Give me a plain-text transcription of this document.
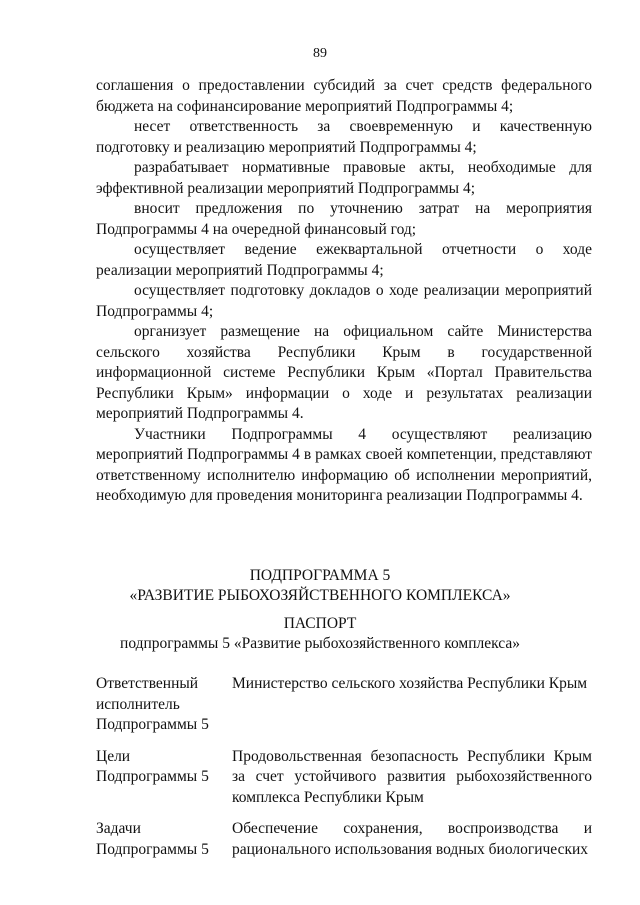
89

соглашения о предоставлении субсидий за счет средств федерального бюджета на софинансирование мероприятий Подпрограммы 4;

несет ответственность за своевременную и качественную подготовку и реализацию мероприятий Подпрограммы 4;

разрабатывает нормативные правовые акты, необходимые для эффективной реализации мероприятий Подпрограммы 4;

вносит предложения по уточнению затрат на мероприятия Подпрограммы 4 на очередной финансовый год;

осуществляет ведение ежеквартальной отчетности о ходе реализации мероприятий Подпрограммы 4;

осуществляет подготовку докладов о ходе реализации мероприятий Подпрограммы 4;

организует размещение на официальном сайте Министерства сельского хозяйства Республики Крым в государственной информационной системе Республики Крым «Портал Правительства Республики Крым» информации о ходе и результатах реализации мероприятий Подпрограммы 4.

Участники Подпрограммы 4 осуществляют реализацию мероприятий Подпрограммы 4 в рамках своей компетенции, представляют ответственному исполнителю информацию об исполнении мероприятий, необходимую для проведения мониторинга реализации Подпрограммы 4.

ПОДПРОГРАММА 5
«РАЗВИТИЕ РЫБОХОЗЯЙСТВЕННОГО КОМПЛЕКСА»
ПАСПОРТ
подпрограммы 5 «Развитие рыбохозяйственного комплекса»
Ответственный исполнитель Подпрограммы 5
Министерство сельского хозяйства Республики Крым
Цели Подпрограммы 5
Продовольственная безопасность Республики Крым за счет устойчивого развития рыбохозяйственного комплекса Республики Крым
Задачи Подпрограммы 5
Обеспечение сохранения, воспроизводства и рационального использования водных биологических
